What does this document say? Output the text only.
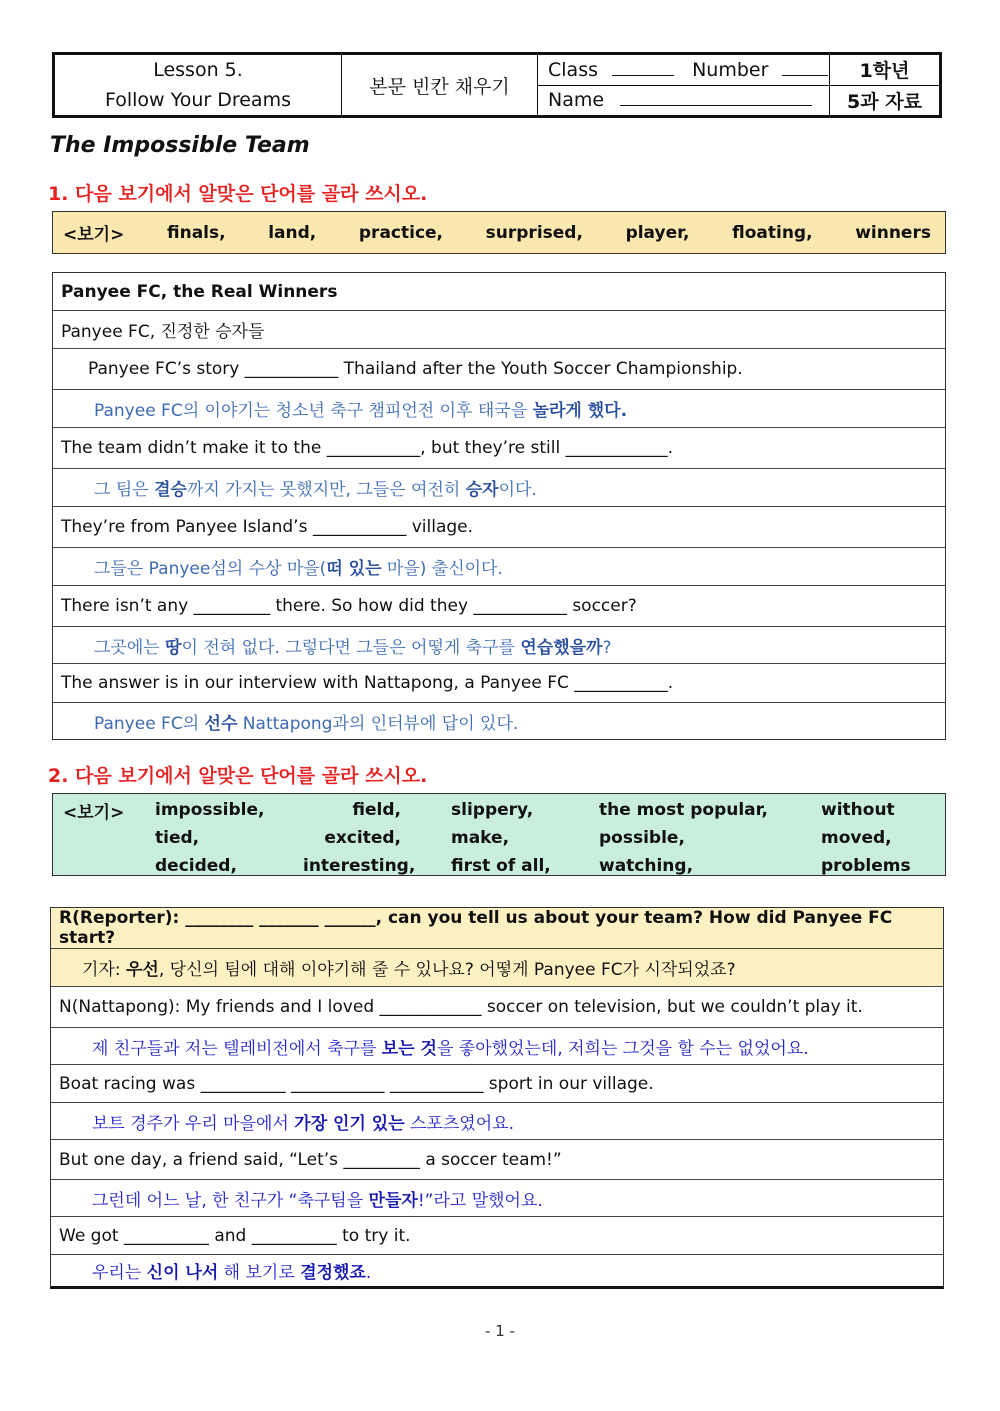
Lesson 5.
Follow Your Dreams	본문 빈칸 채우기	Class Number	1학년
		Name	5과 자료
The Impossible Team
1. 다음 보기에서 알맞은 단어를 골라 쓰시오.
<보기>	finals,	land,	practice,	surprised,	player,	floating,	winners
Panyee FC, the Real Winners
Panyee FC, 진정한 승자들
Panyee FC’s story ___________ Thailand after the Youth Soccer Championship.
Panyee FC의 이야기는 청소년 축구 챔피언전 이후 태국을 놀라게 했다.
The team didn’t make it to the ___________, but they’re still ____________.
그 팀은 결승까지 가지는 못했지만, 그들은 여전히 승자이다.
They’re from Panyee Island’s ___________ village.
그들은 Panyee섬의 수상 마을(떠 있는 마을) 출신이다.
There isn’t any _________ there. So how did they ___________ soccer?
그곳에는 땅이 전혀 없다. 그렇다면 그들은 어떻게 축구를 연습했을까?
The answer is in our interview with Nattapong, a Panyee FC ___________.
Panyee FC의 선수 Nattapong과의 인터뷰에 답이 있다.
2. 다음 보기에서 알맞은 단어를 골라 쓰시오.
<보기>	impossible,	field,	slippery,	the most popular,	without
tied,	excited,	make,	possible,	moved,
decided,	interesting,	first of all,	watching,	problems
R(Reporter): ________ _______ ______, can you tell us about your team? How did Panyee FC start?
기자: 우선, 당신의 팀에 대해 이야기해 줄 수 있나요? 어떻게 Panyee FC가 시작되었죠?
N(Nattapong): My friends and I loved ____________ soccer on television, but we couldn’t play it.
제 친구들과 저는 텔레비전에서 축구를 보는 것을 좋아했었는데, 저희는 그것을 할 수는 없었어요.
Boat racing was __________ ___________ ___________ sport in our village.
보트 경주가 우리 마을에서 가장 인기 있는 스포츠였어요.
But one day, a friend said, “Let’s _________ a soccer team!”
그런데 어느 날, 한 친구가 “축구팀을 만들자!”라고 말했어요.
We got __________ and __________ to try it.
우리는 신이 나서 해 보기로 결정했죠.
- 1 -
